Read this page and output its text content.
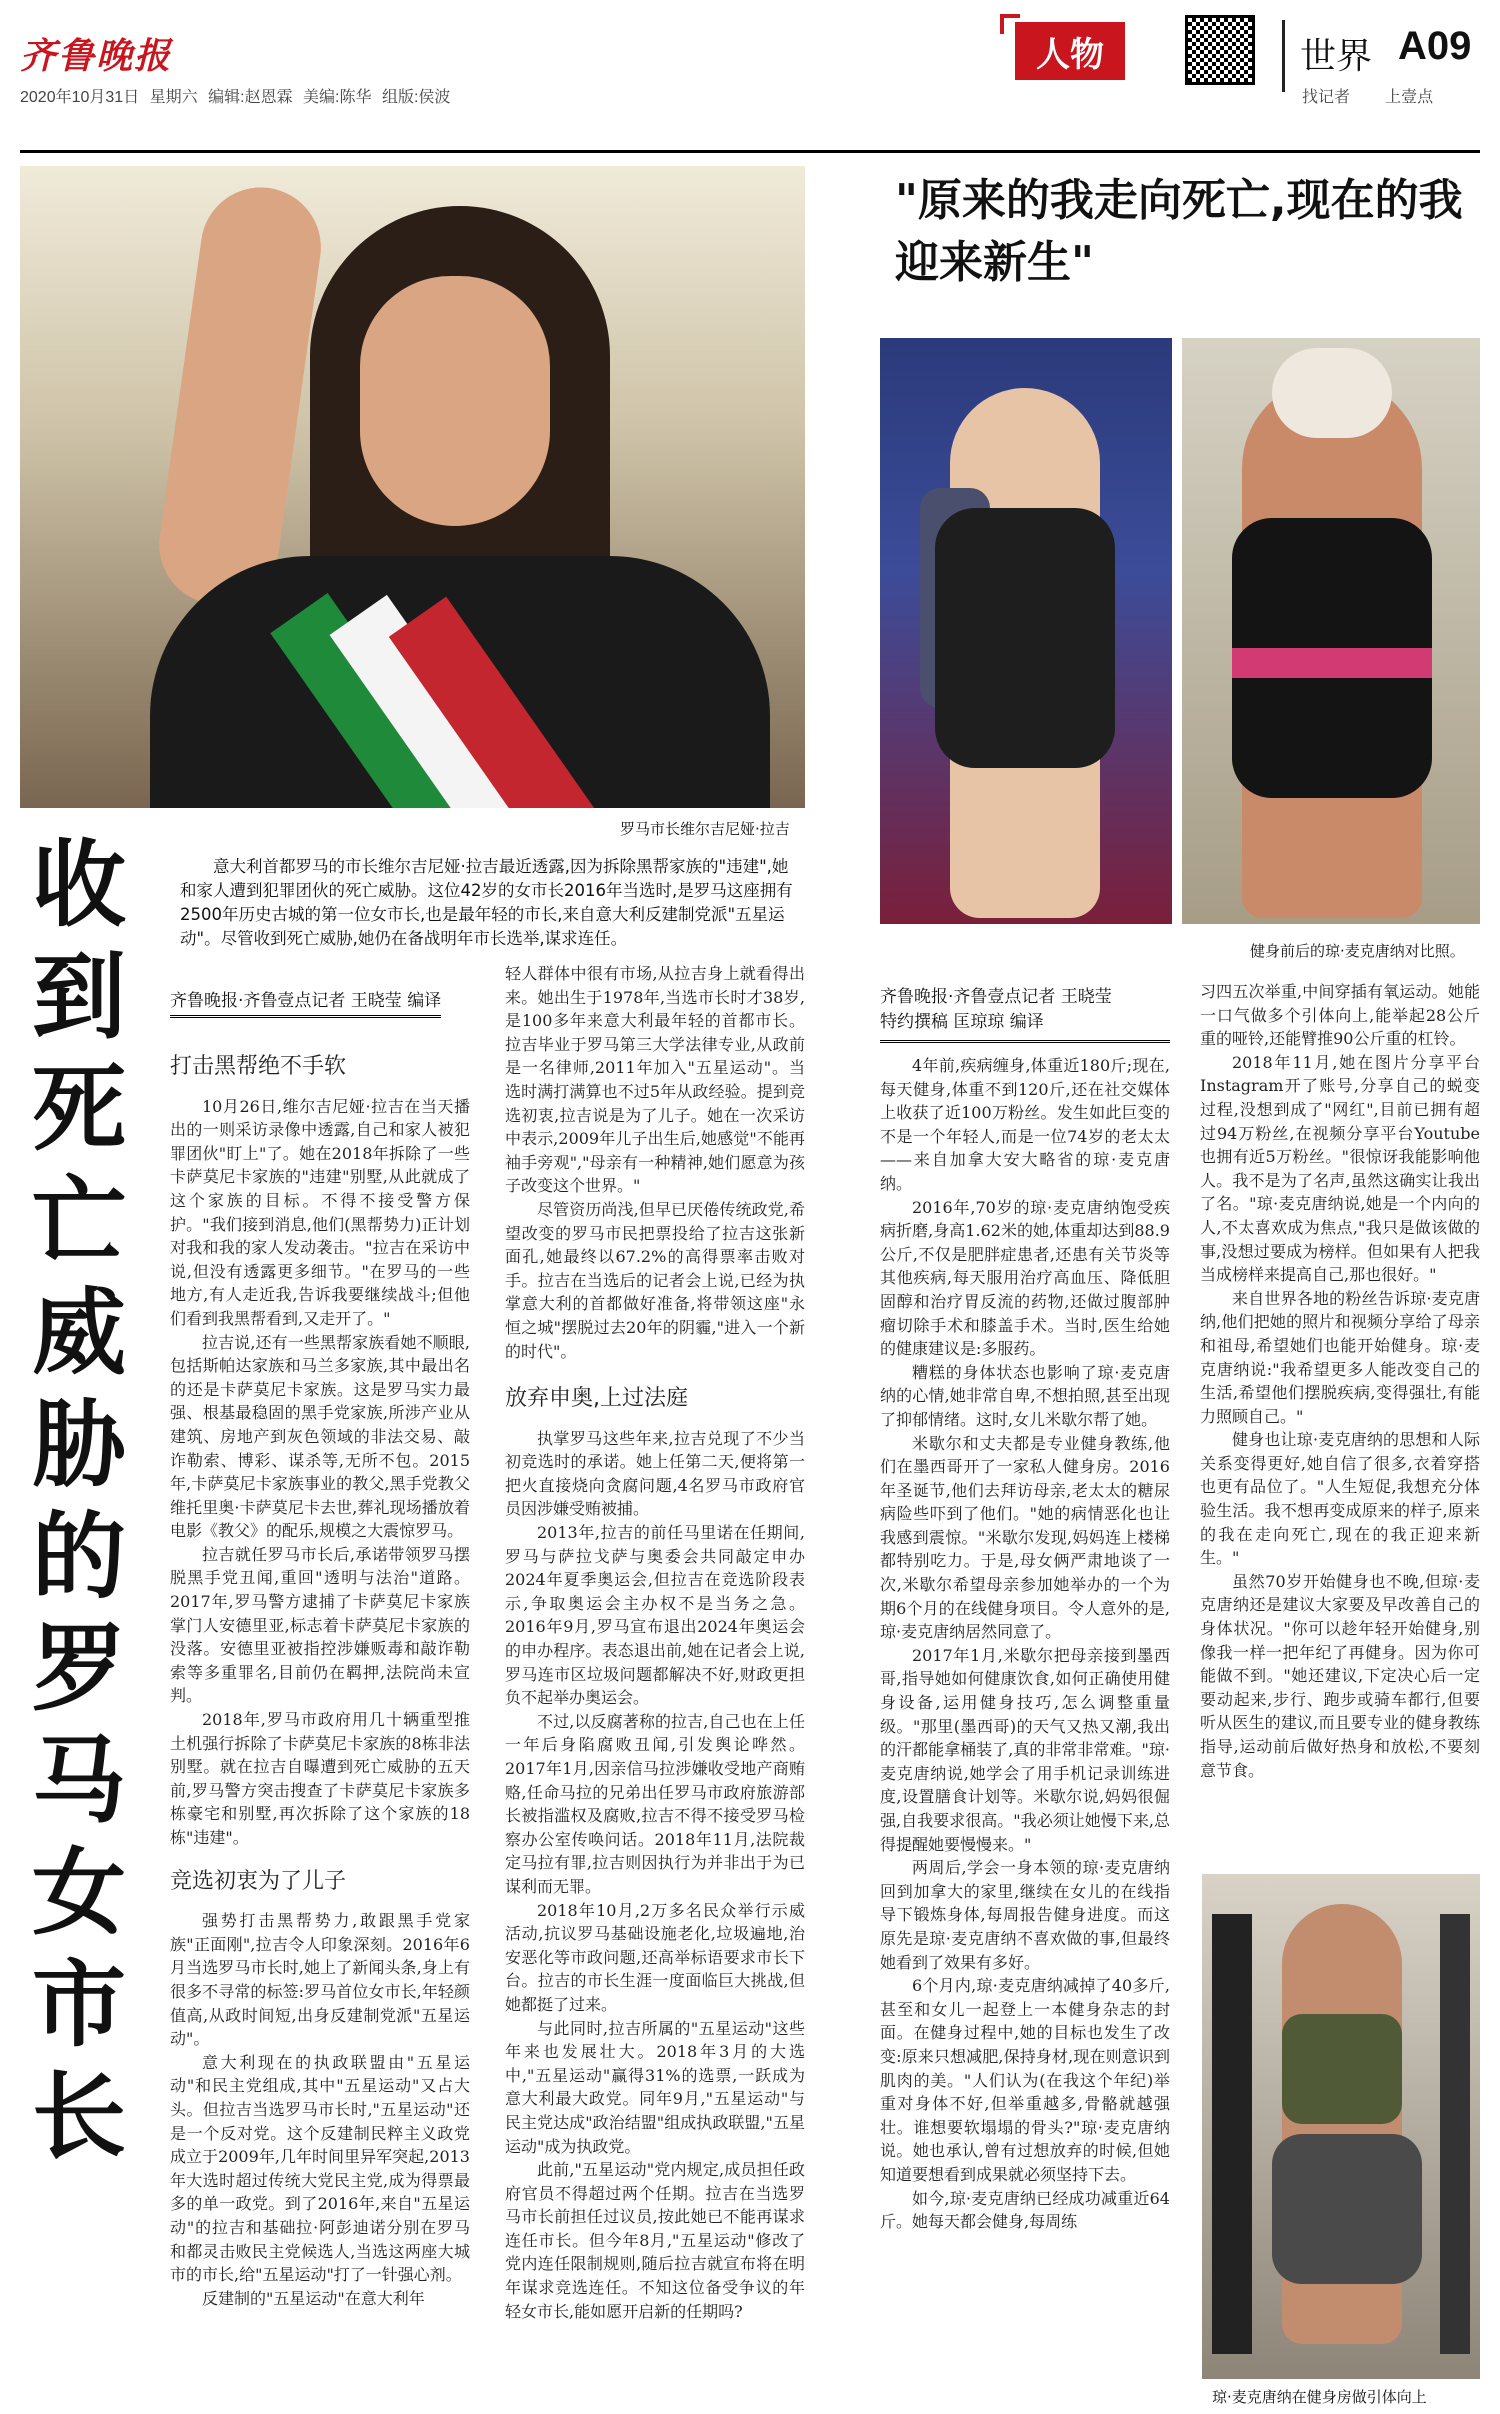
齐鲁晚报
2020年10月31日 星期六 编辑:赵恩霖 美编:陈华 组版:侯波
人物	世界 A09
找记者 上壹点
罗马市长维尔吉尼娅·拉吉
收到死亡威胁的罗马女市长
意大利首都罗马的市长维尔吉尼娅·拉吉最近透露,因为拆除黑帮家族的"违建",她和家人遭到犯罪团伙的死亡威胁。这位42岁的女市长2016年当选时,是罗马这座拥有2500年历史古城的第一位女市长,也是最年轻的市长,来自意大利反建制党派"五星运动"。尽管收到死亡威胁,她仍在备战明年市长选举,谋求连任。
齐鲁晚报·齐鲁壹点记者 王晓莹 编译
打击黑帮绝不手软

10月26日,维尔吉尼娅·拉吉在当天播出的一则采访录像中透露,自己和家人被犯罪团伙"盯上"了。她在2018年拆除了一些卡萨莫尼卡家族的"违建"别墅,从此就成了这个家族的目标。不得不接受警方保护。"我们接到消息,他们(黑帮势力)正计划对我和我的家人发动袭击。"拉吉在采访中说,但没有透露更多细节。"在罗马的一些地方,有人走近我,告诉我要继续战斗;但他们看到我黑帮看到,又走开了。"

拉吉说,还有一些黑帮家族看她不顺眼,包括斯帕达家族和马兰多家族,其中最出名的还是卡萨莫尼卡家族。这是罗马实力最强、根基最稳固的黑手党家族,所涉产业从建筑、房地产到灰色领域的非法交易、敲诈勒索、博彩、谋杀等,无所不包。2015年,卡萨莫尼卡家族事业的教父,黑手党教父维托里奥·卡萨莫尼卡去世,葬礼现场播放着电影《教父》的配乐,规模之大震惊罗马。

拉吉就任罗马市长后,承诺带领罗马摆脱黑手党丑闻,重回"透明与法治"道路。2017年,罗马警方逮捕了卡萨莫尼卡家族掌门人安德里亚,标志着卡萨莫尼卡家族的没落。安德里亚被指控涉嫌贩毒和敲诈勒索等多重罪名,目前仍在羁押,法院尚未宣判。

2018年,罗马市政府用几十辆重型推土机强行拆除了卡萨莫尼卡家族的8栋非法别墅。就在拉吉自曝遭到死亡威胁的五天前,罗马警方突击搜查了卡萨莫尼卡家族多栋豪宅和别墅,再次拆除了这个家族的18栋"违建"。

竞选初衷为了儿子

强势打击黑帮势力,敢跟黑手党家族"正面刚",拉吉令人印象深刻。2016年6月当选罗马市长时,她上了新闻头条,身上有很多不寻常的标签:罗马首位女市长,年轻颜值高,从政时间短,出身反建制党派"五星运动"。

意大利现在的执政联盟由"五星运动"和民主党组成,其中"五星运动"又占大头。但拉吉当选罗马市长时,"五星运动"还是一个反对党。这个反建制民粹主义政党成立于2009年,几年时间里异军突起,2013年大选时超过传统大党民主党,成为得票最多的单一政党。到了2016年,来自"五星运动"的拉吉和基础拉·阿彭迪诺分别在罗马和都灵击败民主党候选人,当选这两座大城市的市长,给"五星运动"打了一针强心剂。

反建制的"五星运动"在意大利年

轻人群体中很有市场,从拉吉身上就看得出来。她出生于1978年,当选市长时才38岁,是100多年来意大利最年轻的首都市长。拉吉毕业于罗马第三大学法律专业,从政前是一名律师,2011年加入"五星运动"。当选时满打满算也不过5年从政经验。提到竞选初衷,拉吉说是为了儿子。她在一次采访中表示,2009年儿子出生后,她感觉"不能再袖手旁观","母亲有一种精神,她们愿意为孩子改变这个世界。"

尽管资历尚浅,但早已厌倦传统政党,希望改变的罗马市民把票投给了拉吉这张新面孔,她最终以67.2%的高得票率击败对手。拉吉在当选后的记者会上说,已经为执掌意大利的首都做好准备,将带领这座"永恒之城"摆脱过去20年的阴霾,"进入一个新的时代"。

放弃申奥,上过法庭

执掌罗马这些年来,拉吉兑现了不少当初竞选时的承诺。她上任第二天,便将第一把火直接烧向贪腐问题,4名罗马市政府官员因涉嫌受贿被捕。

2013年,拉吉的前任马里诺在任期间,罗马与萨拉戈萨与奥委会共同敲定申办2024年夏季奥运会,但拉吉在竞选阶段表示,争取奥运会主办权不是当务之急。2016年9月,罗马宣布退出2024年奥运会的申办程序。表态退出前,她在记者会上说,罗马连市区垃圾问题都解决不好,财政更担负不起举办奥运会。

不过,以反腐著称的拉吉,自己也在上任一年后身陷腐败丑闻,引发舆论哗然。2017年1月,因亲信马拉涉嫌收受地产商贿赂,任命马拉的兄弟出任罗马市政府旅游部长被指滥权及腐败,拉吉不得不接受罗马检察办公室传唤问话。2018年11月,法院裁定马拉有罪,拉吉则因执行为并非出于为已谋利而无罪。

2018年10月,2万多名民众举行示威活动,抗议罗马基础设施老化,垃圾遍地,治安恶化等市政问题,还高举标语要求市长下台。拉吉的市长生涯一度面临巨大挑战,但她都挺了过来。

与此同时,拉吉所属的"五星运动"这些年来也发展壮大。2018年3月的大选中,"五星运动"赢得31%的选票,一跃成为意大利最大政党。同年9月,"五星运动"与民主党达成"政治结盟"组成执政联盟,"五星运动"成为执政党。

此前,"五星运动"党内规定,成员担任政府官员不得超过两个任期。拉吉在当选罗马市长前担任过议员,按此她已不能再谋求连任市长。但今年8月,"五星运动"修改了党内连任限制规则,随后拉吉就宣布将在明年谋求竞选连任。不知这位备受争议的年轻女市长,能如愿开启新的任期吗?

"原来的我走向死亡,现在的我迎来新生"
健身前后的琼·麦克唐纳对比照。
齐鲁晚报·齐鲁壹点记者 王晓莹
特约撰稿 匡琼琼 编译

4年前,疾病缠身,体重近180斤;现在,每天健身,体重不到120斤,还在社交媒体上收获了近100万粉丝。发生如此巨变的不是一个年轻人,而是一位74岁的老太太——来自加拿大安大略省的琼·麦克唐纳。

2016年,70岁的琼·麦克唐纳饱受疾病折磨,身高1.62米的她,体重却达到88.9公斤,不仅是肥胖症患者,还患有关节炎等其他疾病,每天服用治疗高血压、降低胆固醇和治疗胃反流的药物,还做过腹部肿瘤切除手术和膝盖手术。当时,医生给她的健康建议是:多服药。

糟糕的身体状态也影响了琼·麦克唐纳的心情,她非常自卑,不想拍照,甚至出现了抑郁情绪。这时,女儿米歇尔帮了她。

米歇尔和丈夫都是专业健身教练,他们在墨西哥开了一家私人健身房。2016年圣诞节,他们去拜访母亲,老太太的糖尿病险些吓到了他们。"她的病情恶化也让我感到震惊。"米歇尔发现,妈妈连上楼梯都特别吃力。于是,母女俩严肃地谈了一次,米歇尔希望母亲参加她举办的一个为期6个月的在线健身项目。令人意外的是,琼·麦克唐纳居然同意了。

2017年1月,米歇尔把母亲接到墨西哥,指导她如何健康饮食,如何正确使用健身设备,运用健身技巧,怎么调整重量级。"那里(墨西哥)的天气又热又潮,我出的汗都能拿桶装了,真的非常非常难。"琼·麦克唐纳说,她学会了用手机记录训练进度,设置膳食计划等。米歇尔说,妈妈很倔强,自我要求很高。"我必须让她慢下来,总得提醒她要慢慢来。"

两周后,学会一身本领的琼·麦克唐纳回到加拿大的家里,继续在女儿的在线指导下锻炼身体,每周报告健身进度。而这原先是琼·麦克唐纳不喜欢做的事,但最终她看到了效果有多好。

6个月内,琼·麦克唐纳减掉了40多斤,甚至和女儿一起登上一本健身杂志的封面。在健身过程中,她的目标也发生了改变:原来只想减肥,保持身材,现在则意识到肌肉的美。"人们认为(在我这个年纪)举重对身体不好,但举重越多,骨骼就越强壮。谁想要软塌塌的骨头?"琼·麦克唐纳说。她也承认,曾有过想放弃的时候,但她知道要想看到成果就必须坚持下去。

如今,琼·麦克唐纳已经成功减重近64斤。她每天都会健身,每周练

习四五次举重,中间穿插有氧运动。她能一口气做多个引体向上,能举起28公斤重的哑铃,还能臂推90公斤重的杠铃。

2018年11月,她在图片分享平台Instagram开了账号,分享自己的蜕变过程,没想到成了"网红",目前已拥有超过94万粉丝,在视频分享平台Youtube也拥有近5万粉丝。"很惊讶我能影响他人。我不是为了名声,虽然这确实让我出了名。"琼·麦克唐纳说,她是一个内向的人,不太喜欢成为焦点,"我只是做该做的事,没想过要成为榜样。但如果有人把我当成榜样来提高自己,那也很好。"

来自世界各地的粉丝告诉琼·麦克唐纳,他们把她的照片和视频分享给了母亲和祖母,希望她们也能开始健身。琼·麦克唐纳说:"我希望更多人能改变自己的生活,希望他们摆脱疾病,变得强壮,有能力照顾自己。"

健身也让琼·麦克唐纳的思想和人际关系变得更好,她自信了很多,衣着穿搭也更有品位了。"人生短促,我想充分体验生活。我不想再变成原来的样子,原来的我在走向死亡,现在的我正迎来新生。"

虽然70岁开始健身也不晚,但琼·麦克唐纳还是建议大家要及早改善自己的身体状况。"你可以趁年轻开始健身,别像我一样一把年纪了再健身。因为你可能做不到。"她还建议,下定决心后一定要动起来,步行、跑步或骑车都行,但要听从医生的建议,而且要专业的健身教练指导,运动前后做好热身和放松,不要刻意节食。

琼·麦克唐纳在健身房做引体向上
